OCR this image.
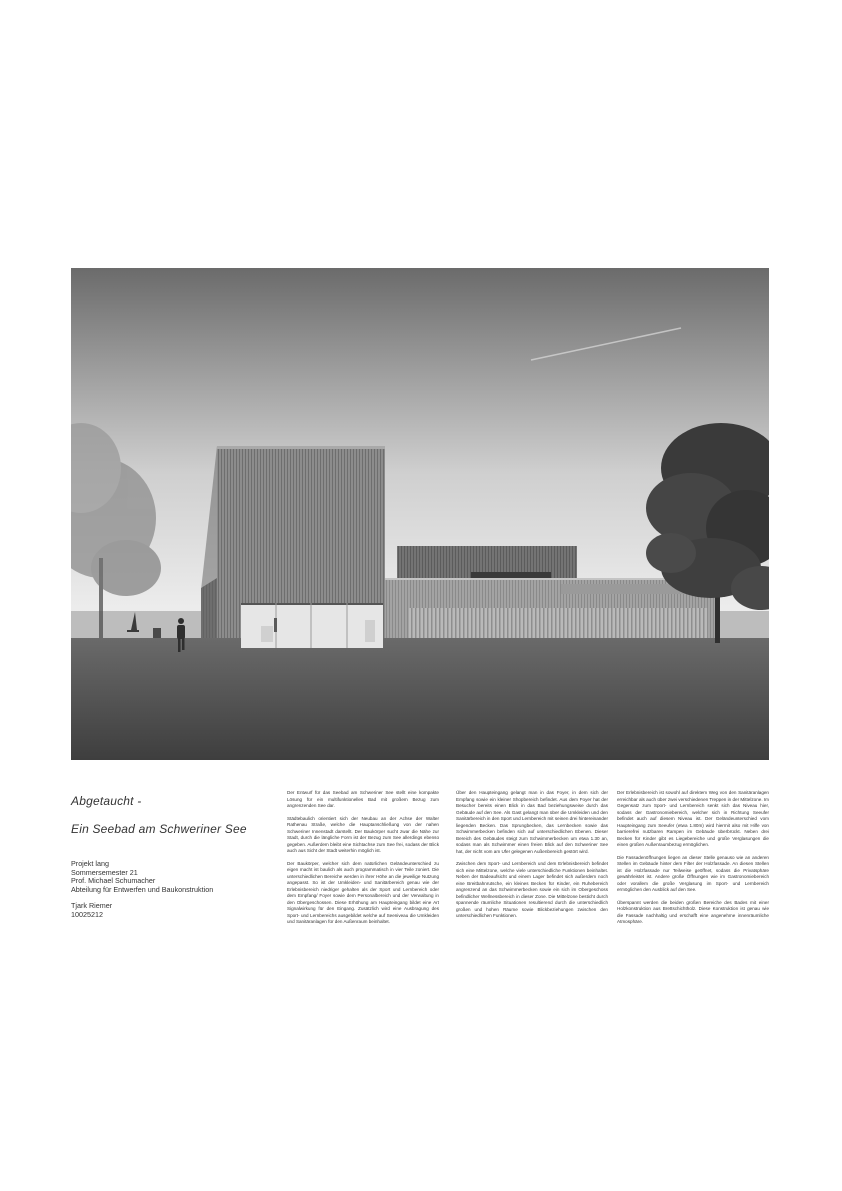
Abgetaucht -
Ein Seebad am Schweriner See
Projekt lang
Sommersemester 21
Prof. Michael Schumacher
Abteilung für Entwerfen und Baukonstruktion
Tjark Riemer
10025212

Der Entwurf für das Seebad am Schweriner See stellt eine kompakte Lösung für ein multifunktionelles Bad mit großem Bezug zum angrenzenden See dar.

Städtebaulich orientiert sich der Neubau an der Achse der Walter Rathenau Straße, welche die Hauptanschließung von der nahen Schweriner Innenstadt darstellt. Der Baukörper sucht zwar die Nähe zur Stadt, durch die längliche Form ist der Bezug zum See allerdings ebenso gegeben. Außerdem bleibt eine Sichtachse zum See frei, sodass der Blick auch aus Sicht der Stadt weiterhin möglich ist.

Der Baukörper, welcher sich dem natürlichen Geländeunterschied zu eigen macht ist baulich als auch programmatisch in vier Teile zoniert. Die unterschiedlichen Bereiche werden in ihrer Höhe an die jeweilige Nutzung angepasst. So ist der Umkleiden- und Sanitärbereich genau wie der Erlebnisbereich niedriger gehalten als der Sport und Lernbereich oder dem Empfang/ Foyer sowie dem Personalbereich und der Verwaltung in den Obergeschossen. Diese Erhöhung am Haupteingang bildet eine Art Signalwirkung für den Eingang. Zusätzlich wird eine Ausbragung des Sport- und Lernbereichs ausgebildet welche auf Seeniveau die Umkleiden und Sanitäranlagen für den Außenraum beinhaltet.

Über den Haupteingang gelangt man in das Foyer, in dem sich der Empfang sowie ein kleiner Shopbereich befindet. Aus dem Foyer hat der Besucher bereits einen Blick in das Bad beziehungsweise durch das Gebäude auf den See. Als Gast gelangt man über die Umkleiden und den Sanitärbereich in den Sport und Lernbereich mit seinen drei hintereinander liegenden Becken. Das Sprungbecken, das Lernbecken sowie das Schwimmerbecken befinden sich auf unterschiedlichen Ebenen. Dieser Bereich des Gebäudes steigt zum Schwimmerbecken um etwa 1.30 an, sodass man als Schwimmer einen freien Blick auf den Schweriner See hat, der nicht vom am Ufer gelegenen Außenbereich gestört wird.

Zwischen dem Sport- und Lernbereich und dem Erlebnisbereich befindet sich eine Mittelzone, welche viele unterschiedliche Funktionen beinhaltet. Neben der Badeaufsicht und einem Lager befindet sich außerdem noch eine Breitbahnrutsche, ein kleines Becken für Kinder, ein Ruhebereich angrenzend an das Schwimmerbecken sowie ein sich im Obergeschoss befindlicher Wellnessbereich in dieser Zone. Die Mittelzone besticht durch spannende räumliche Situationen resultierend durch die unterschiedlich großen und hohen Räume sowie Blickbeziehungen zwischen den unterschiedlichen Funktionen.

Der Erlebnisbereich ist sowohl auf direktem Weg von den Sanitäranlagen erreichbar als auch über zwei verschiedenen Treppen in der Mittelzone. Im Gegensatz zum Sport- und Lernbereich senkt sich das Niveau hier, sodass der Gastronomiebereich, welcher sich in Richtung Seeufer befindet auch auf diesem Niveau ist. Der Geländeunterschied vom Haupteingang zum Seeufer (etwa 1.80m) wird hiermit also mit Hilfe von barrierefrei nutzbaren Rampen im Gebäude überbrückt. Neben drei Becken für Kinder gibt es Liegebereiche und große Verglasungen die einen großen Außenraumbezug ermöglichen.

Die Fassadenöffnungen liegen an dieser Stelle genauso wie an anderen Stellen im Gebäude hinter dem Filter der Holzfassade. An diesen Stellen ist die Holzfassade nur Teilweise geöffnet, sodass die Privatsphäre gewährleistet ist. Andere große Öffnungen wie im Gastronomiebereich oder vorallem die große Verglasung im Sport- und Lernbereich ermöglichen den Ausblick auf den See.

Überspannt werden die beiden großen Bereiche des Bades mit einer Holzkonstruktion aus Brettschichtholz. Diese Konstruktion ist genau wie die Fassade nachhaltig und erschafft eine angenehme innenräumliche Atmosphäre.
